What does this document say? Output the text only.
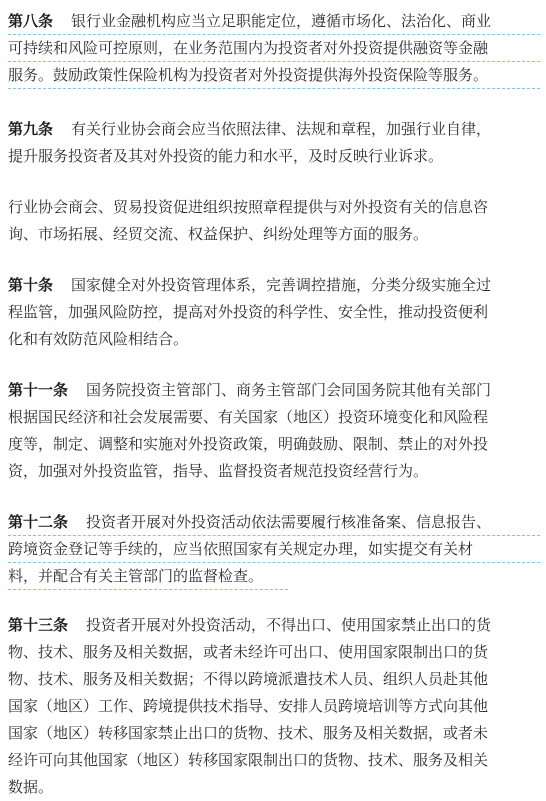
第八条 银行业金融机构应当立足职能定位，遵循市场化、法治化、商业
可持续和风险可控原则，在业务范围内为投资者对外投资提供融资等金融
服务。鼓励政策性保险机构为投资者对外投资提供海外投资保险等服务。

第九条 有关行业协会商会应当依照法律、法规和章程，加强行业自律，
提升服务投资者及其对外投资的能力和水平，及时反映行业诉求。

行业协会商会、贸易投资促进组织按照章程提供与对外投资有关的信息咨
询、市场拓展、经贸交流、权益保护、纠纷处理等方面的服务。

第十条 国家健全对外投资管理体系，完善调控措施，分类分级实施全过
程监管，加强风险防控，提高对外投资的科学性、安全性，推动投资便利
化和有效防范风险相结合。

第十一条 国务院投资主管部门、商务主管部门会同国务院其他有关部门
根据国民经济和社会发展需要、有关国家（地区）投资环境变化和风险程
度等，制定、调整和实施对外投资政策，明确鼓励、限制、禁止的对外投
资，加强对外投资监管，指导、监督投资者规范投资经营行为。

第十二条 投资者开展对外投资活动依法需要履行核准备案、信息报告、
跨境资金登记等手续的，应当依照国家有关规定办理，如实提交有关材
料，并配合有关主管部门的监督检查。

第十三条 投资者开展对外投资活动，不得出口、使用国家禁止出口的货
物、技术、服务及相关数据，或者未经许可出口、使用国家限制出口的货
物、技术、服务及相关数据；不得以跨境派遣技术人员、组织人员赴其他
国家（地区）工作、跨境提供技术指导、安排人员跨境培训等方式向其他
国家（地区）转移国家禁止出口的货物、技术、服务及相关数据，或者未
经许可向其他国家（地区）转移国家限制出口的货物、技术、服务及相关
数据。
